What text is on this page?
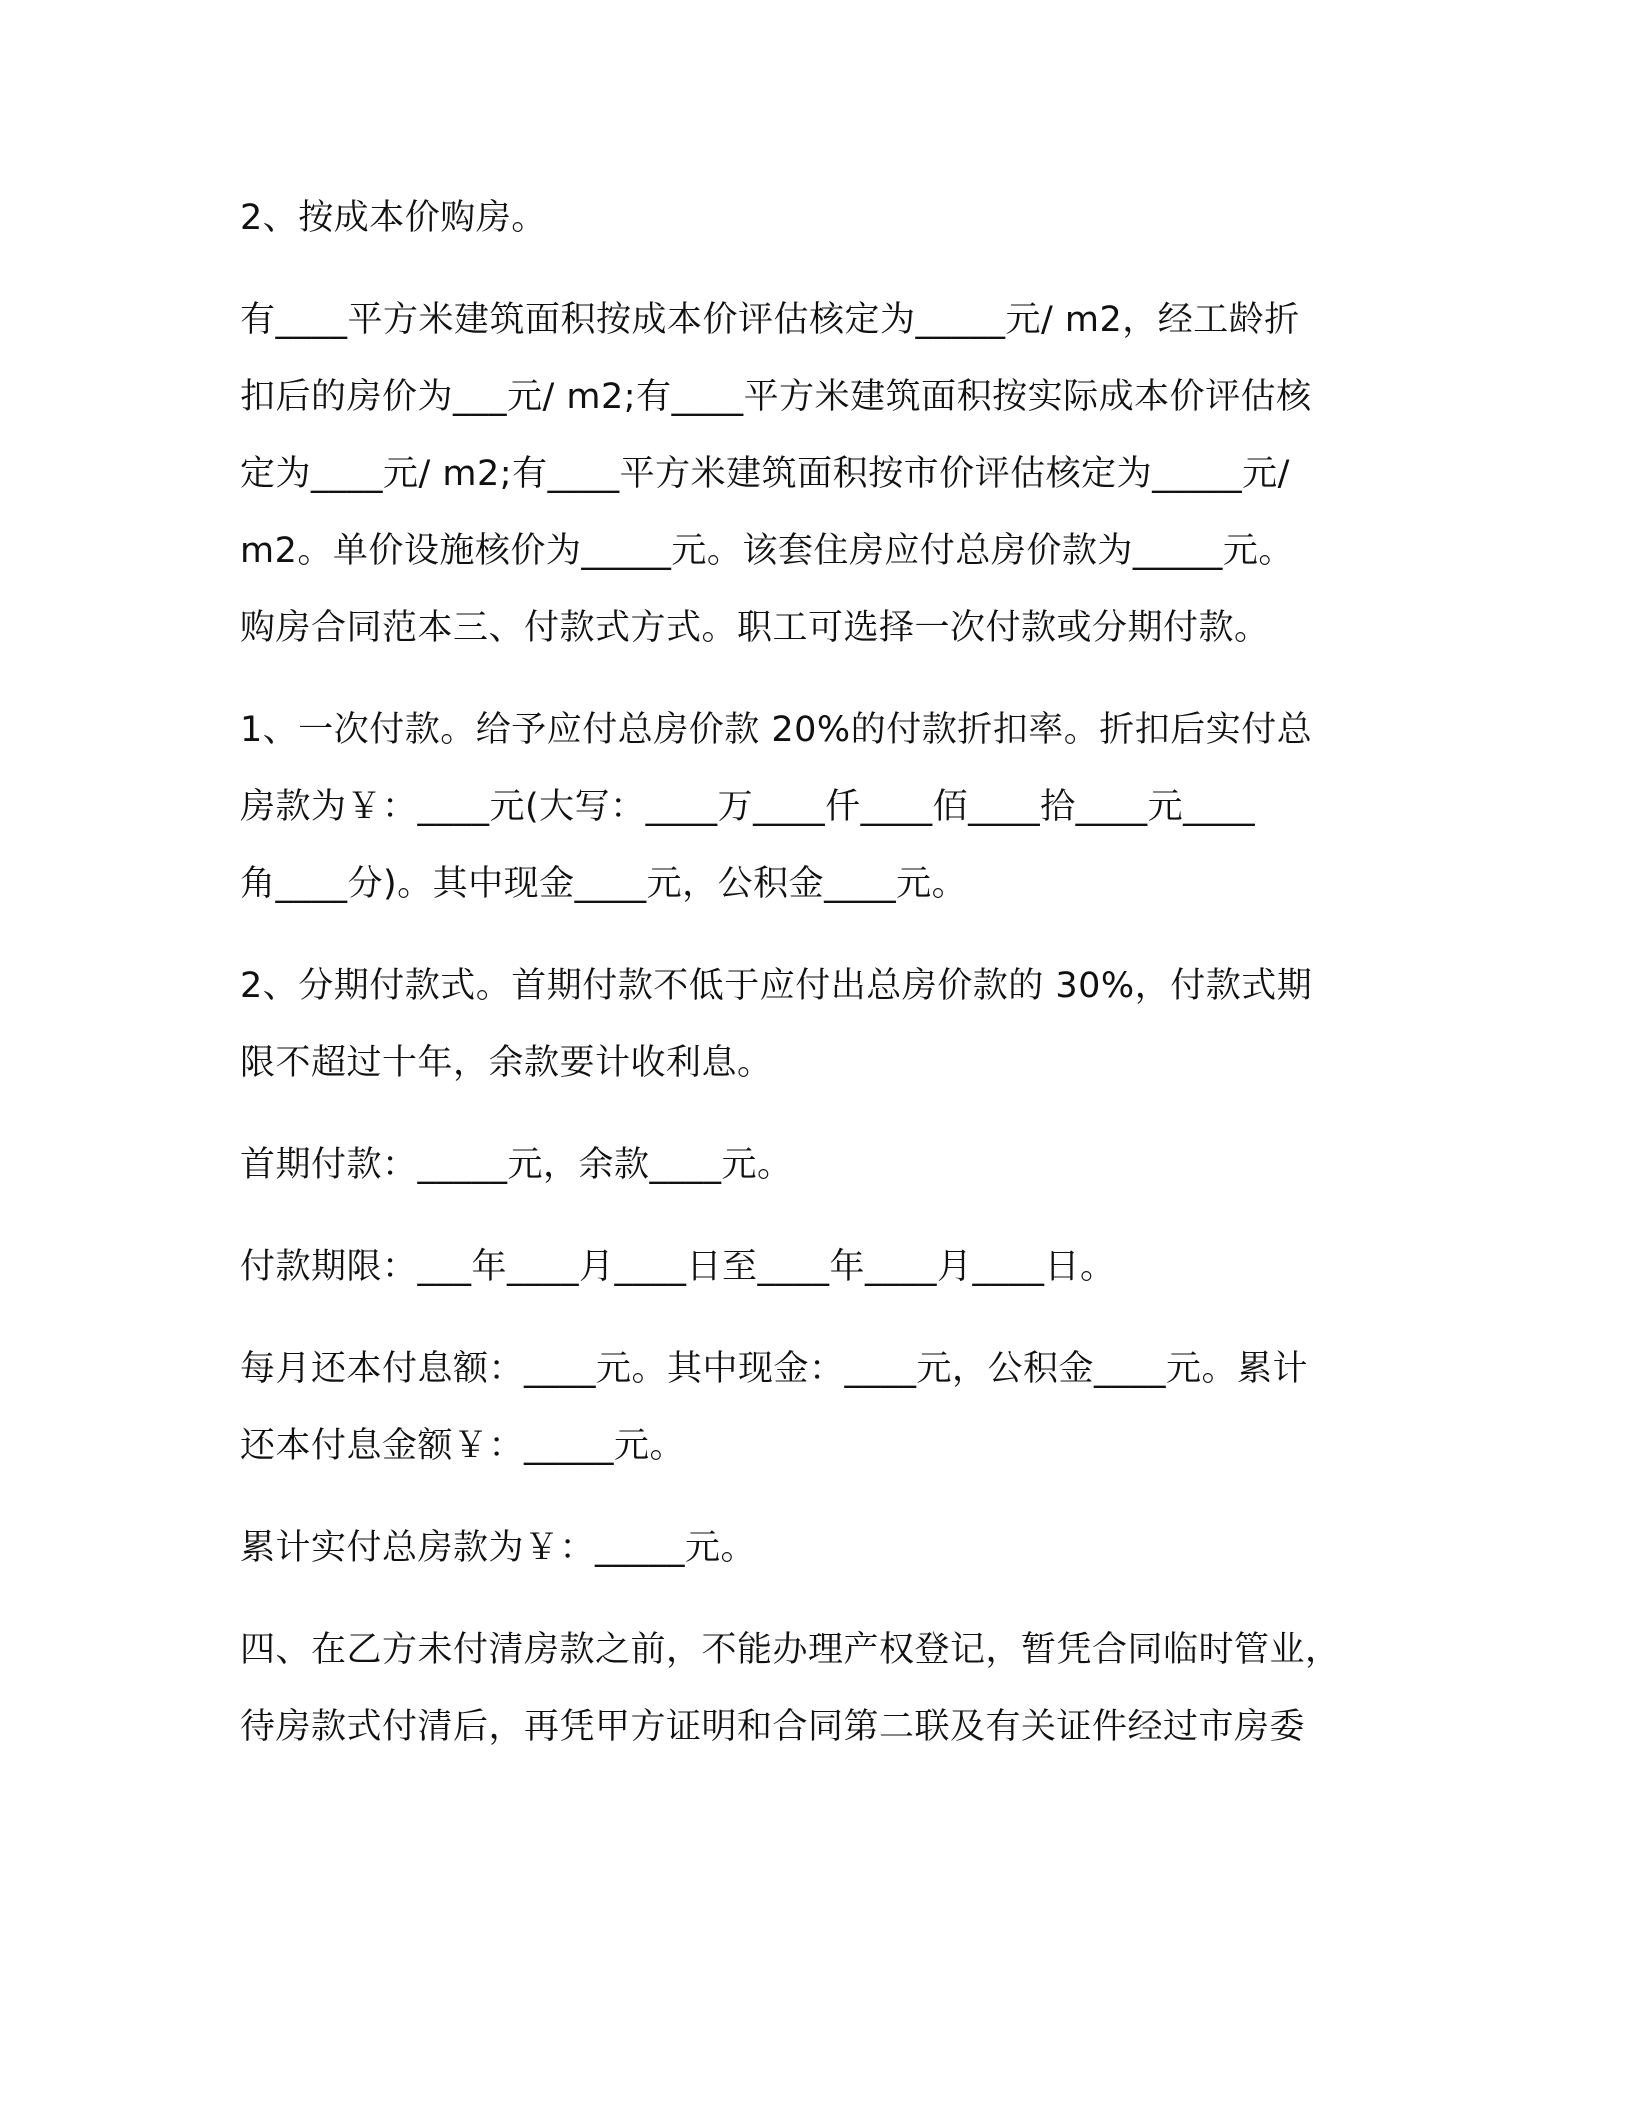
2、按成本价购房。
有____平方米建筑面积按成本价评估核定为_____元/ m2，经工龄折
扣后的房价为___元/ m2;有____平方米建筑面积按实际成本价评估核
定为____元/ m2;有____平方米建筑面积按市价评估核定为_____元/
m2。单价设施核价为_____元。该套住房应付总房价款为_____元。
购房合同范本三、付款式方式。职工可选择一次付款或分期付款。
1、一次付款。给予应付总房价款 20%的付款折扣率。折扣后实付总
房款为￥：____元(大写：____万____仟____佰____拾____元____
角____分)。其中现金____元，公积金____元。
2、分期付款式。首期付款不低于应付出总房价款的 30%，付款式期
限不超过十年，余款要计收利息。
首期付款：_____元，余款____元。
付款期限：___年____月____日至____年____月____日。
每月还本付息额：____元。其中现金：____元，公积金____元。累计
还本付息金额￥：_____元。
累计实付总房款为￥：_____元。
四、在乙方未付清房款之前，不能办理产权登记，暂凭合同临时管业，
待房款式付清后，再凭甲方证明和合同第二联及有关证件经过市房委
